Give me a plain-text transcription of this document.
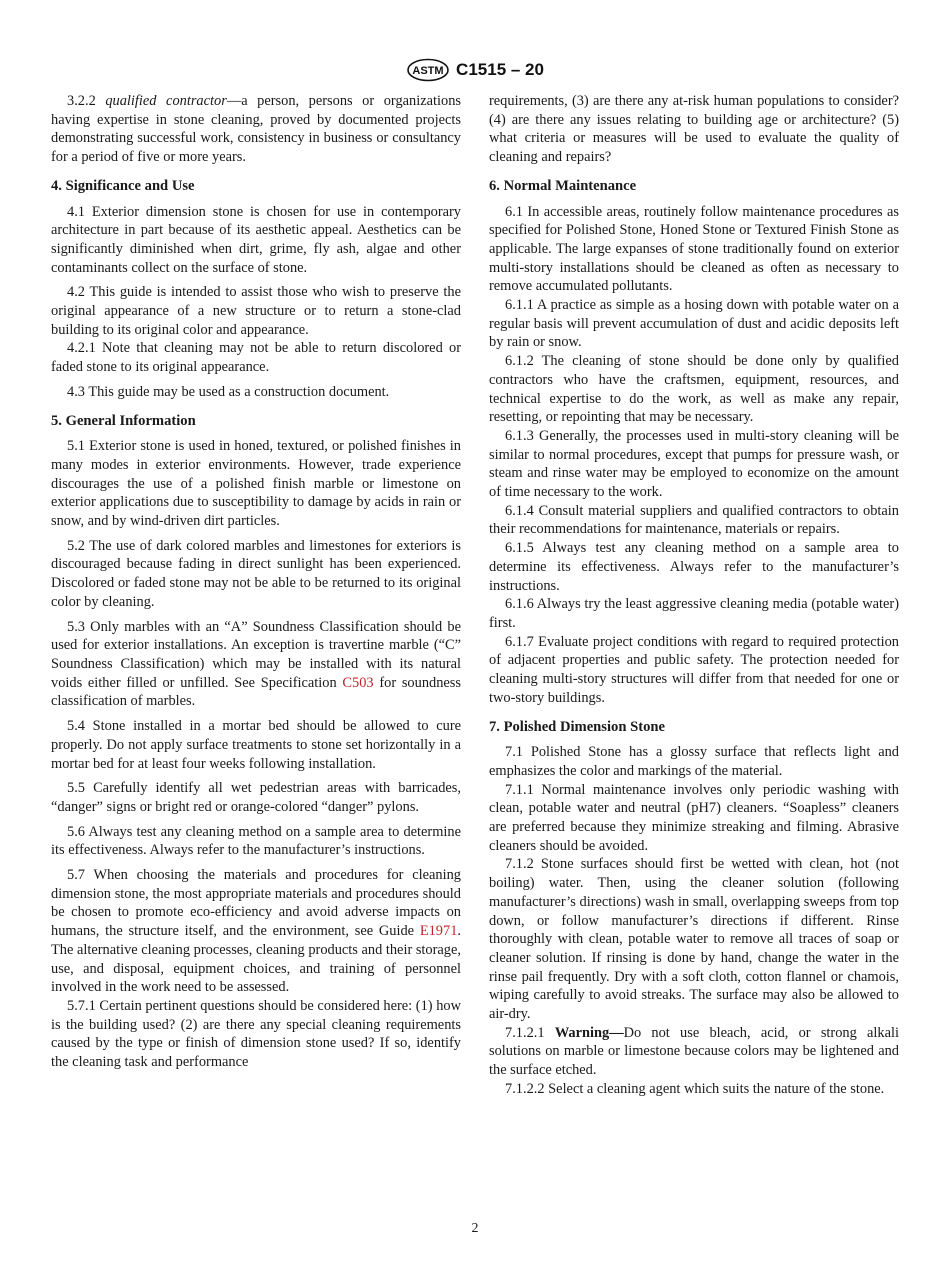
ASTM C1515 – 20

3.2.2 qualified contractor—a person, persons or organizations having expertise in stone cleaning, proved by documented projects demonstrating successful work, consistency in business or consultancy for a period of five or more years.

4. Significance and Use

4.1 Exterior dimension stone is chosen for use in contemporary architecture in part because of its aesthetic appeal. Aesthetics can be significantly diminished when dirt, grime, fly ash, algae and other contaminants collect on the surface of stone.

4.2 This guide is intended to assist those who wish to preserve the original appearance of a new structure or to return a stone-clad building to its original color and appearance.

4.2.1 Note that cleaning may not be able to return discolored or faded stone to its original appearance.

4.3 This guide may be used as a construction document.

5. General Information

5.1 Exterior stone is used in honed, textured, or polished finishes in many modes in exterior environments. However, trade experience discourages the use of a polished finish marble or limestone on exterior applications due to susceptibility to damage by acids in rain or snow, and by wind-driven dirt particles.

5.2 The use of dark colored marbles and limestones for exteriors is discouraged because fading in direct sunlight has been experienced. Discolored or faded stone may not be able to be returned to its original color by cleaning.

5.3 Only marbles with an “A” Soundness Classification should be used for exterior installations. An exception is travertine marble (“C” Soundness Classification) which may be installed with its natural voids either filled or unfilled. See Specification C503 for soundness classification of marbles.

5.4 Stone installed in a mortar bed should be allowed to cure properly. Do not apply surface treatments to stone set horizontally in a mortar bed for at least four weeks following installation.

5.5 Carefully identify all wet pedestrian areas with barricades, “danger” signs or bright red or orange-colored “danger” pylons.

5.6 Always test any cleaning method on a sample area to determine its effectiveness. Always refer to the manufacturer’s instructions.

5.7 When choosing the materials and procedures for cleaning dimension stone, the most appropriate materials and procedures should be chosen to promote eco-efficiency and avoid adverse impacts on humans, the structure itself, and the environment, see Guide E1971. The alternative cleaning processes, cleaning products and their storage, use, and disposal, equipment choices, and training of personnel involved in the work need to be assessed.

5.7.1 Certain pertinent questions should be considered here: (1) how is the building used? (2) are there any special cleaning requirements caused by the type or finish of dimension stone used? If so, identify the cleaning task and performance

requirements, (3) are there any at-risk human populations to consider? (4) are there any issues relating to building age or architecture? (5) what criteria or measures will be used to evaluate the quality of cleaning and repairs?

6. Normal Maintenance

6.1 In accessible areas, routinely follow maintenance procedures as specified for Polished Stone, Honed Stone or Textured Finish Stone as applicable. The large expanses of stone traditionally found on exterior multi-story installations should be cleaned as often as necessary to remove accumulated pollutants.

6.1.1 A practice as simple as a hosing down with potable water on a regular basis will prevent accumulation of dust and acidic deposits left by rain or snow.

6.1.2 The cleaning of stone should be done only by qualified contractors who have the craftsmen, equipment, resources, and technical expertise to do the work, as well as make any repair, resetting, or repointing that may be necessary.

6.1.3 Generally, the processes used in multi-story cleaning will be similar to normal procedures, except that pumps for pressure wash, or steam and rinse water may be employed to economize on the amount of time necessary to the work.

6.1.4 Consult material suppliers and qualified contractors to obtain their recommendations for maintenance, materials or repairs.

6.1.5 Always test any cleaning method on a sample area to determine its effectiveness. Always refer to the manufacturer’s instructions.

6.1.6 Always try the least aggressive cleaning media (potable water) first.

6.1.7 Evaluate project conditions with regard to required protection of adjacent properties and public safety. The protection needed for cleaning multi-story structures will differ from that needed for one or two-story buildings.

7. Polished Dimension Stone

7.1 Polished Stone has a glossy surface that reflects light and emphasizes the color and markings of the material.

7.1.1 Normal maintenance involves only periodic washing with clean, potable water and neutral (pH7) cleaners. “Soapless” cleaners are preferred because they minimize streaking and filming. Abrasive cleaners should be avoided.

7.1.2 Stone surfaces should first be wetted with clean, hot (not boiling) water. Then, using the cleaner solution (following manufacturer’s directions) wash in small, overlapping sweeps from top down, or follow manufacturer’s directions if different. Rinse thoroughly with clean, potable water to remove all traces of soap or cleaner solution. If rinsing is done by hand, change the water in the rinse pail frequently. Dry with a soft cloth, cotton flannel or chamois, wiping carefully to avoid streaks. The surface may also be allowed to air-dry.

7.1.2.1 Warning—Do not use bleach, acid, or strong alkali solutions on marble or limestone because colors may be lightened and the surface etched.

7.1.2.2 Select a cleaning agent which suits the nature of the stone.

2
